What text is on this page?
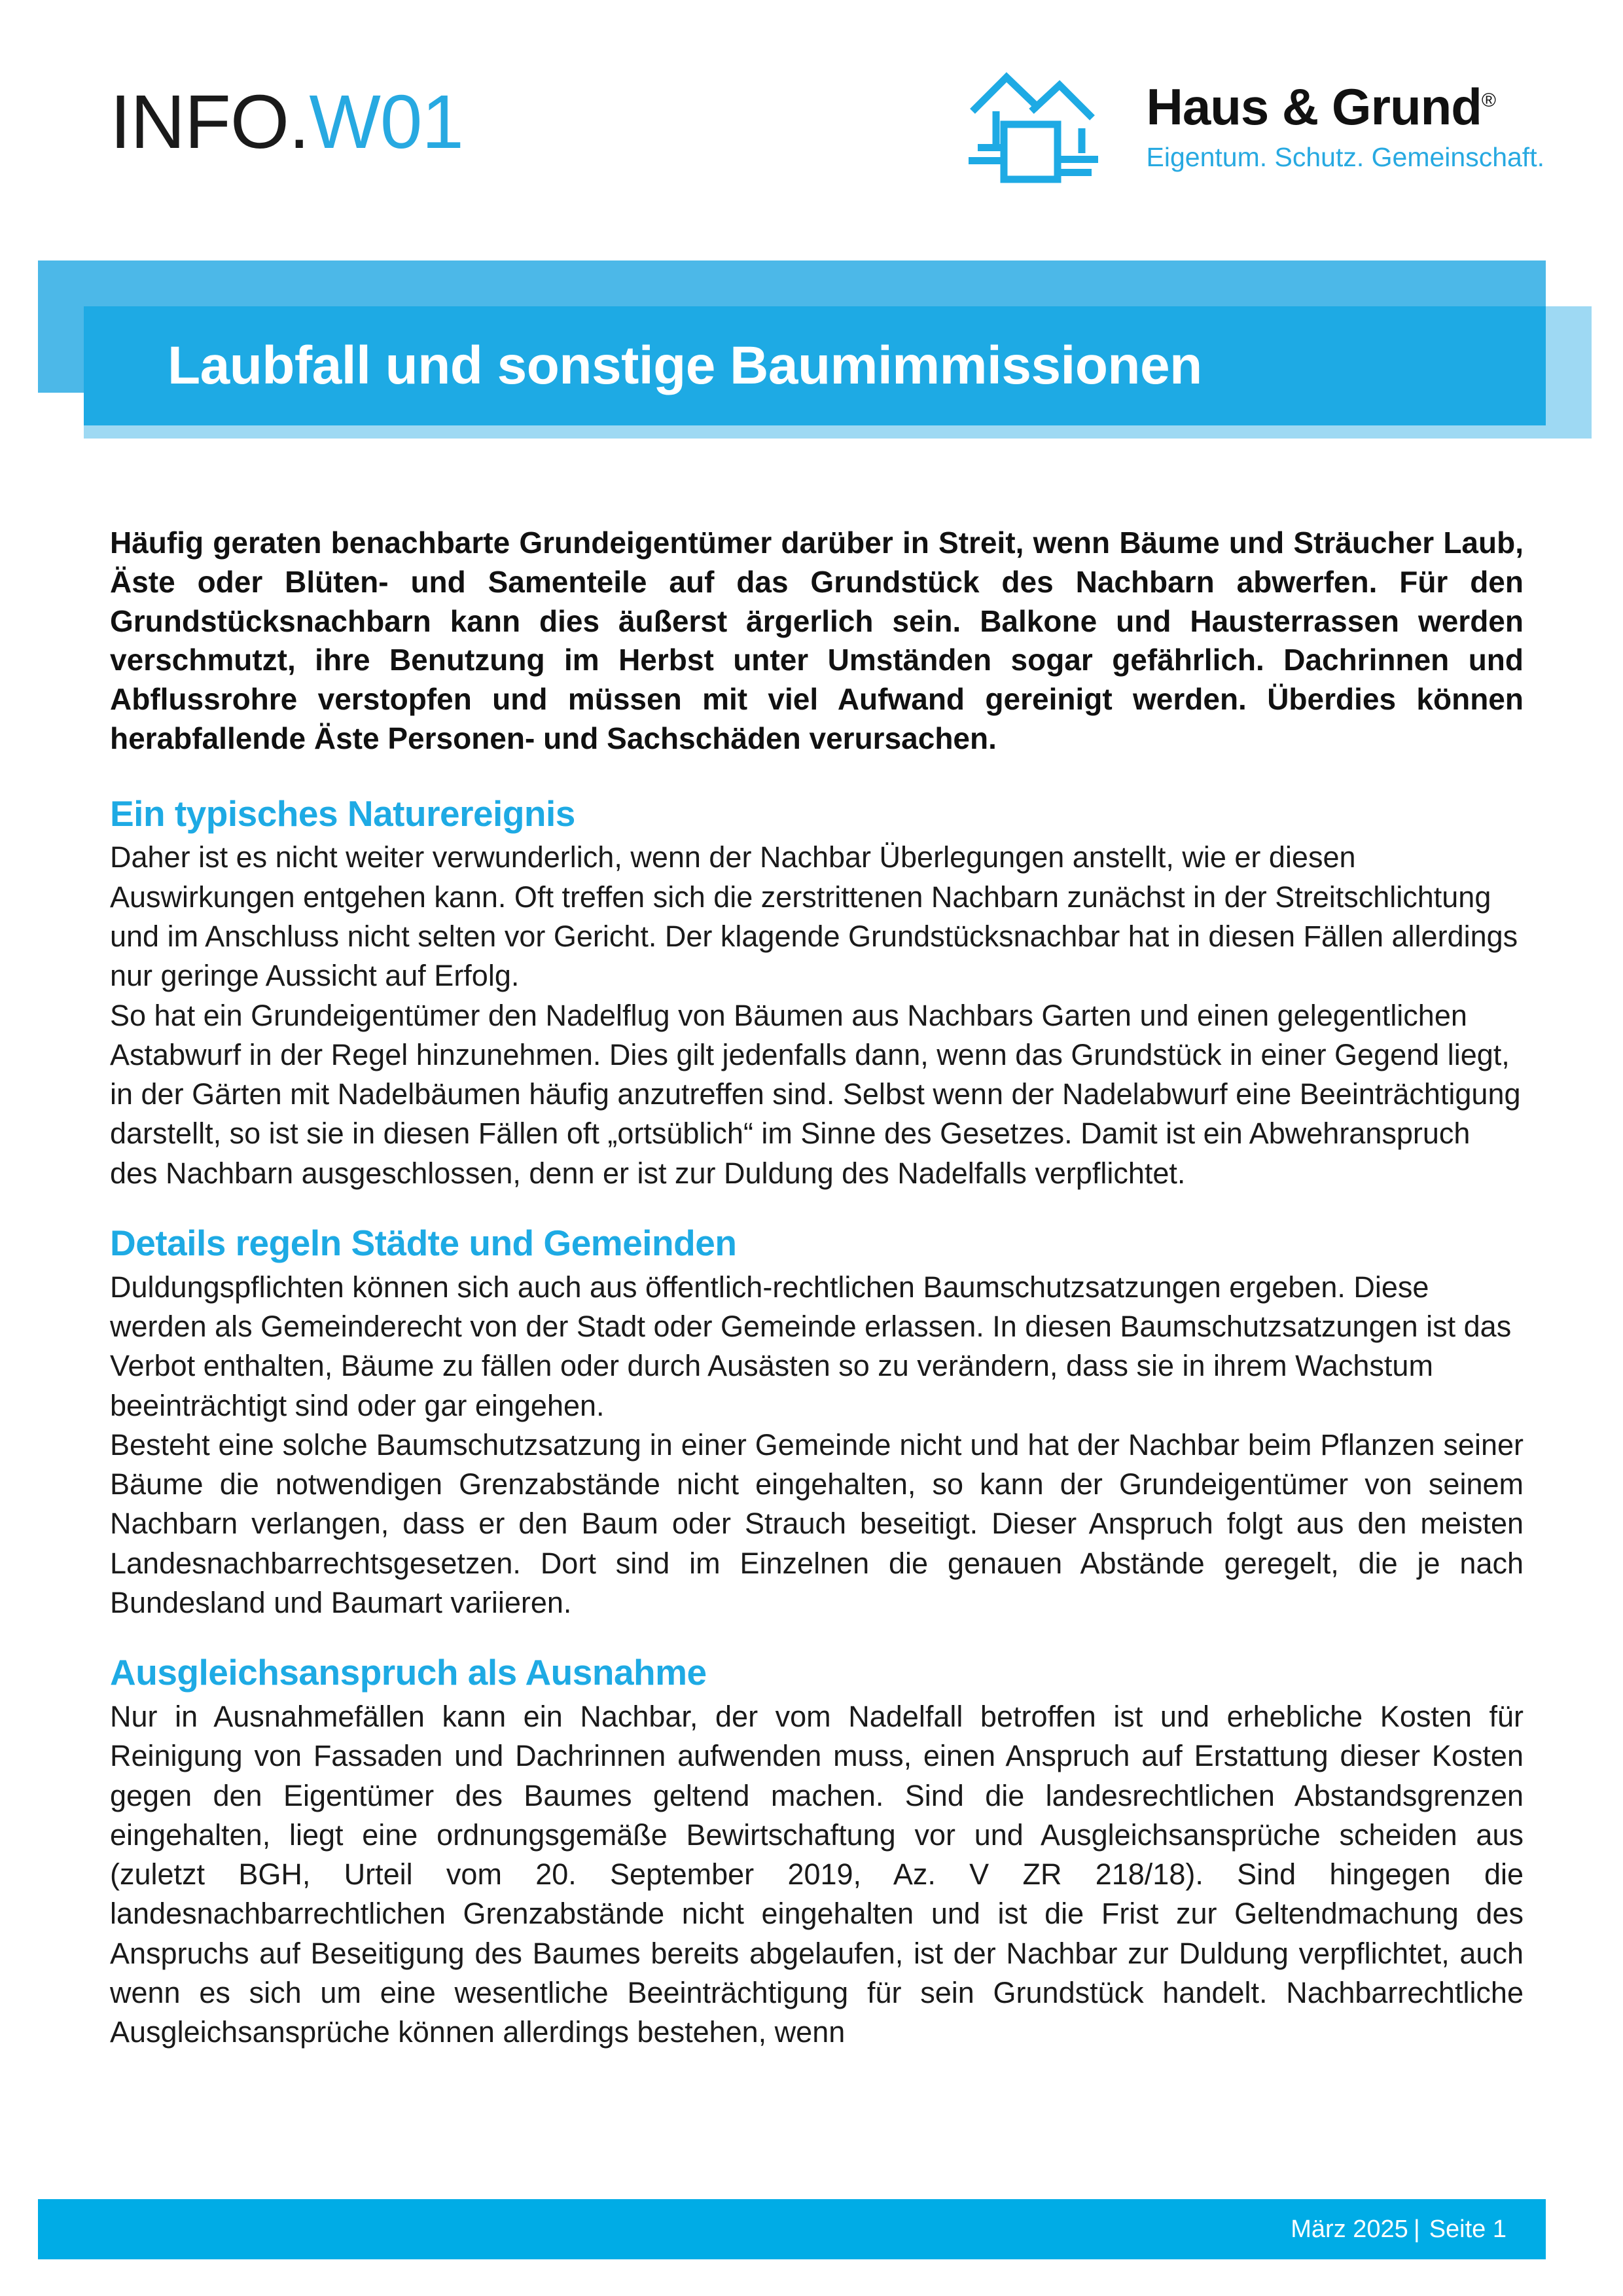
INFO.W01	Haus & Grund®
Eigentum. Schutz. Gemeinschaft.
Laubfall und sonstige Baumimmissionen

Häufig geraten benachbarte Grundeigentümer darüber in Streit, wenn Bäume und Sträucher Laub, Äste oder Blüten- und Samenteile auf das Grundstück des Nachbarn abwerfen. Für den Grundstücksnachbarn kann dies äußerst ärgerlich sein. Balkone und Hausterrassen werden verschmutzt, ihre Benutzung im Herbst unter Umständen sogar gefährlich. Dachrinnen und Abflussrohre verstopfen und müssen mit viel Aufwand gereinigt werden. Überdies können herabfallende Äste Personen- und Sachschäden verursachen.

Ein typisches Naturereignis

Daher ist es nicht weiter verwunderlich, wenn der Nachbar Überlegungen anstellt, wie er diesen Auswirkungen entgehen kann. Oft treffen sich die zerstrittenen Nachbarn zunächst in der Streitschlichtung und im Anschluss nicht selten vor Gericht. Der klagende Grundstücksnachbar hat in diesen Fällen allerdings nur geringe Aussicht auf Erfolg.

So hat ein Grundeigentümer den Nadelflug von Bäumen aus Nachbars Garten und einen gelegentlichen Astabwurf in der Regel hinzunehmen. Dies gilt jedenfalls dann, wenn das Grundstück in einer Gegend liegt, in der Gärten mit Nadelbäumen häufig anzutreffen sind. Selbst wenn der Nadelabwurf eine Beeinträchtigung darstellt, so ist sie in diesen Fällen oft „ortsüblich“ im Sinne des Gesetzes. Damit ist ein Abwehranspruch des Nachbarn ausgeschlossen, denn er ist zur Duldung des Nadelfalls verpflichtet.

Details regeln Städte und Gemeinden

Duldungspflichten können sich auch aus öffentlich-rechtlichen Baumschutzsatzungen ergeben. Diese werden als Gemeinderecht von der Stadt oder Gemeinde erlassen. In diesen Baumschutzsatzungen ist das Verbot enthalten, Bäume zu fällen oder durch Ausästen so zu verändern, dass sie in ihrem Wachstum beeinträchtigt sind oder gar eingehen.

Besteht eine solche Baumschutzsatzung in einer Gemeinde nicht und hat der Nachbar beim Pflanzen seiner Bäume die notwendigen Grenzabstände nicht eingehalten, so kann der Grundeigentümer von seinem Nachbarn verlangen, dass er den Baum oder Strauch beseitigt. Dieser Anspruch folgt aus den meisten Landesnachbarrechtsgesetzen. Dort sind im Einzelnen die genauen Abstände geregelt, die je nach Bundesland und Baumart variieren.

Ausgleichsanspruch als Ausnahme

Nur in Ausnahmefällen kann ein Nachbar, der vom Nadelfall betroffen ist und erhebliche Kosten für Reinigung von Fassaden und Dachrinnen aufwenden muss, einen Anspruch auf Erstattung dieser Kosten gegen den Eigentümer des Baumes geltend machen. Sind die landesrechtlichen Abstandsgrenzen eingehalten, liegt eine ordnungsgemäße Bewirtschaftung vor und Ausgleichsansprüche scheiden aus (zuletzt BGH, Urteil vom 20. September 2019, Az. V ZR 218/18). Sind hingegen die landesnachbarrechtlichen Grenzabstände nicht eingehalten und ist die Frist zur Geltendmachung des Anspruchs auf Beseitigung des Baumes bereits abgelaufen, ist der Nachbar zur Duldung verpflichtet, auch wenn es sich um eine wesentliche Beeinträchtigung für sein Grundstück handelt. Nachbarrechtliche Ausgleichsansprüche können allerdings bestehen, wenn

März 2025 | Seite 1
